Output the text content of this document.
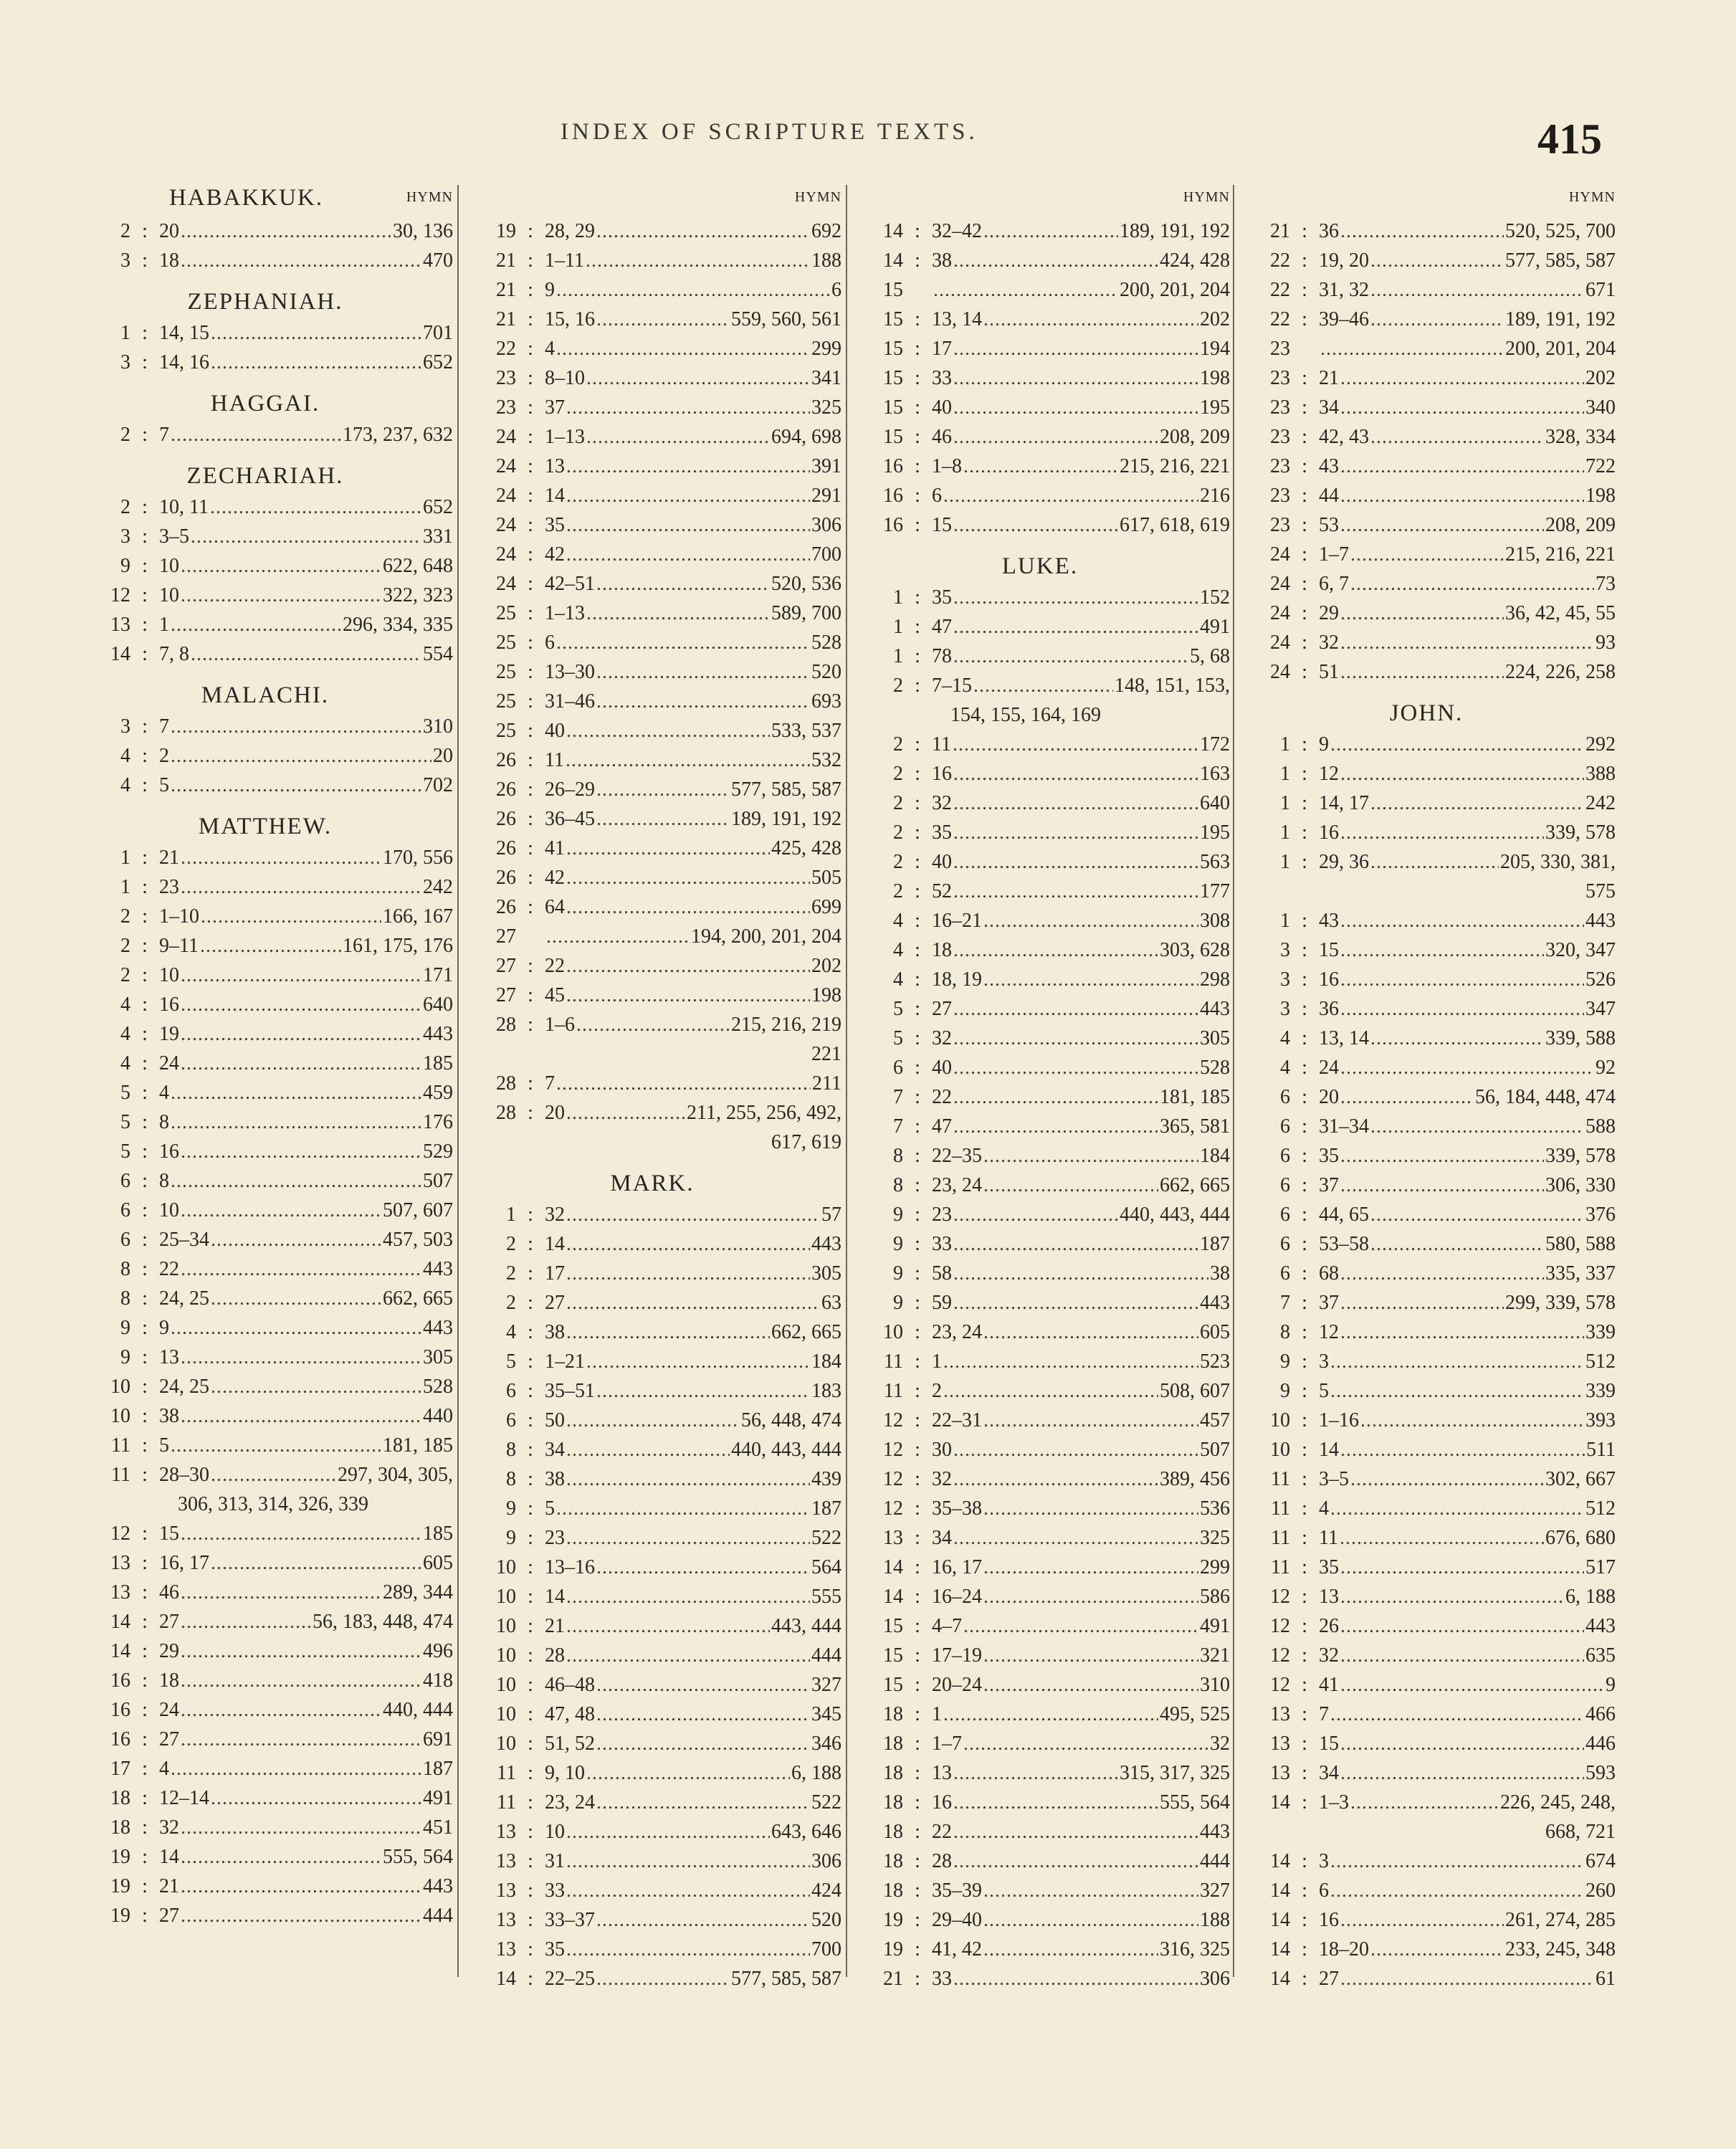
INDEX OF SCRIPTURE TEXTS.	415
HABAKKUK.	HYMN
2 : 20 .....	30, 136
3 : 18 .....	470
ZEPHANIAH.
1 : 14, 15 .....	701
3 : 14, 16 .....	652
HAGGAI.
2 : 7 .....	173, 237, 632
ZECHARIAH.
2 : 10, 11 .....	652
3 : 3–5 .....	331
9 : 10 .....	622, 648
12 : 10 .....	322, 323
13 : 1 .....	296, 334, 335
14 : 7, 8 .....	554
MALACHI.
3 : 7 .....	310
4 : 2 .....	20
4 : 5 .....	702
MATTHEW.
1 : 21 .....	170, 556
1 : 23 .....	242
2 : 1–10 .....	166, 167
2 : 9–11 .....	161, 175, 176
2 : 10 .....	171
4 : 16 .....	640
4 : 19 .....	443
4 : 24 .....	185
5 : 4 .....	459
5 : 8 .....	176
5 : 16 .....	529
6 : 8 .....	507
6 : 10 .....	507, 607
6 : 25–34 .....	457, 503
8 : 22 .....	443
8 : 24, 25 .....	662, 665
9 : 9 .....	443
9 : 13 .....	305
10 : 24, 25 .....	528
10 : 38 .....	440
11 : 5 .....	181, 185
11 : 28–30 .....	297, 304, 305,
306, 313, 314, 326, 339
12 : 15 .....	185
13 : 16, 17 .....	605
13 : 46 .....	289, 344
14 : 27 .....	56, 183, 448, 474
14 : 29 .....	496
16 : 18 .....	418
16 : 24 .....	440, 444
16 : 27 .....	691
17 : 4 .....	187
18 : 12–14 .....	491
18 : 32 .....	451
19 : 14 .....	555, 564
19 : 21 .....	443
19 : 27 .....	444
HYMN
19 : 28, 29 .....	692
21 : 1–11 .....	188
21 : 9 .....	6
21 : 15, 16 .....	559, 560, 561
22 : 4 .....	299
23 : 8–10 .....	341
23 : 37 .....	325
24 : 1–13 .....	694, 698
24 : 13 .....	391
24 : 14 .....	291
24 : 35 .....	306
24 : 42 .....	700
24 : 42–51 .....	520, 536
25 : 1–13 .....	589, 700
25 : 6 .....	528
25 : 13–30 .....	520
25 : 31–46 .....	693
25 : 40 .....	533, 537
26 : 11 .....	532
26 : 26–29 .....	577, 585, 587
26 : 36–45 .....	189, 191, 192
26 : 41 .....	425, 428
26 : 42 .....	505
26 : 64 .....	699
27 .....	194, 200, 201, 204
27 : 22 .....	202
27 : 45 .....	198
28 : 1–6 .....	215, 216, 219
221
28 : 7 .....	211
28 : 20 .....	211, 255, 256, 492,
617, 619
MARK.
1 : 32 .....	57
2 : 14 .....	443
2 : 17 .....	305
2 : 27 .....	63
4 : 38 .....	662, 665
5 : 1–21 .....	184
6 : 35–51 .....	183
6 : 50 .....	56, 448, 474
8 : 34 .....	440, 443, 444
8 : 38 .....	439
9 : 5 .....	187
9 : 23 .....	522
10 : 13–16 .....	564
10 : 14 .....	555
10 : 21 .....	443, 444
10 : 28 .....	444
10 : 46–48 .....	327
10 : 47, 48 .....	345
10 : 51, 52 .....	346
11 : 9, 10 .....	6, 188
11 : 23, 24 .....	522
13 : 10 .....	643, 646
13 : 31 .....	306
13 : 33 .....	424
13 : 33–37 .....	520
13 : 35 .....	700
14 : 22–25 .....	577, 585, 587
HYMN
14 : 32–42 .....	189, 191, 192
14 : 38 .....	424, 428
15 .....	200, 201, 204
15 : 13, 14 .....	202
15 : 17 .....	194
15 : 33 .....	198
15 : 40 .....	195
15 : 46 .....	208, 209
16 : 1–8 .....	215, 216, 221
16 : 6 .....	216
16 : 15 .....	617, 618, 619
LUKE.
1 : 35 .....	152
1 : 47 .....	491
1 : 78 .....	5, 68
2 : 7–15 .....	148, 151, 153,
154, 155, 164, 169
2 : 11 .....	172
2 : 16 .....	163
2 : 32 .....	640
2 : 35 .....	195
2 : 40 .....	563
2 : 52 .....	177
4 : 16–21 .....	308
4 : 18 .....	303, 628
4 : 18, 19 .....	298
5 : 27 .....	443
5 : 32 .....	305
6 : 40 .....	528
7 : 22 .....	181, 185
7 : 47 .....	365, 581
8 : 22–35 .....	184
8 : 23, 24 .....	662, 665
9 : 23 .....	440, 443, 444
9 : 33 .....	187
9 : 58 .....	38
9 : 59 .....	443
10 : 23, 24 .....	605
11 : 1 .....	523
11 : 2 .....	508, 607
12 : 22–31 .....	457
12 : 30 .....	507
12 : 32 .....	389, 456
12 : 35–38 .....	536
13 : 34 .....	325
14 : 16, 17 .....	299
14 : 16–24 .....	586
15 : 4–7 .....	491
15 : 17–19 .....	321
15 : 20–24 .....	310
18 : 1 .....	495, 525
18 : 1–7 .....	32
18 : 13 .....	315, 317, 325
18 : 16 .....	555, 564
18 : 22 .....	443
18 : 28 .....	444
18 : 35–39 .....	327
19 : 29–40 .....	188
19 : 41, 42 .....	316, 325
21 : 33 .....	306
HYMN
21 : 36 .....	520, 525, 700
22 : 19, 20 .....	577, 585, 587
22 : 31, 32 .....	671
22 : 39–46 .....	189, 191, 192
23 .....	200, 201, 204
23 : 21 .....	202
23 : 34 .....	340
23 : 42, 43 .....	328, 334
23 : 43 .....	722
23 : 44 .....	198
23 : 53 .....	208, 209
24 : 1–7 .....	215, 216, 221
24 : 6, 7 .....	73
24 : 29 .....	36, 42, 45, 55
24 : 32 .....	93
24 : 51 .....	224, 226, 258
JOHN.
1 : 9 .....	292
1 : 12 .....	388
1 : 14, 17 .....	242
1 : 16 .....	339, 578
1 : 29, 36 .....	205, 330, 381,
575
1 : 43 .....	443
3 : 15 .....	320, 347
3 : 16 .....	526
3 : 36 .....	347
4 : 13, 14 .....	339, 588
4 : 24 .....	92
6 : 20 .....	56, 184, 448, 474
6 : 31–34 .....	588
6 : 35 .....	339, 578
6 : 37 .....	306, 330
6 : 44, 65 .....	376
6 : 53–58 .....	580, 588
6 : 68 .....	335, 337
7 : 37 .....	299, 339, 578
8 : 12 .....	339
9 : 3 .....	512
9 : 5 .....	339
10 : 1–16 .....	393
10 : 14 .....	511
11 : 3–5 .....	302, 667
11 : 4 .....	512
11 : 11 .....	676, 680
11 : 35 .....	517
12 : 13 .....	6, 188
12 : 26 .....	443
12 : 32 .....	635
12 : 41 .....	9
13 : 7 .....	466
13 : 15 .....	446
13 : 34 .....	593
14 : 1–3 .....	226, 245, 248,
668, 721
14 : 3 .....	674
14 : 6 .....	260
14 : 16 .....	261, 274, 285
14 : 18–20 .....	233, 245, 348
14 : 27 .....	61
